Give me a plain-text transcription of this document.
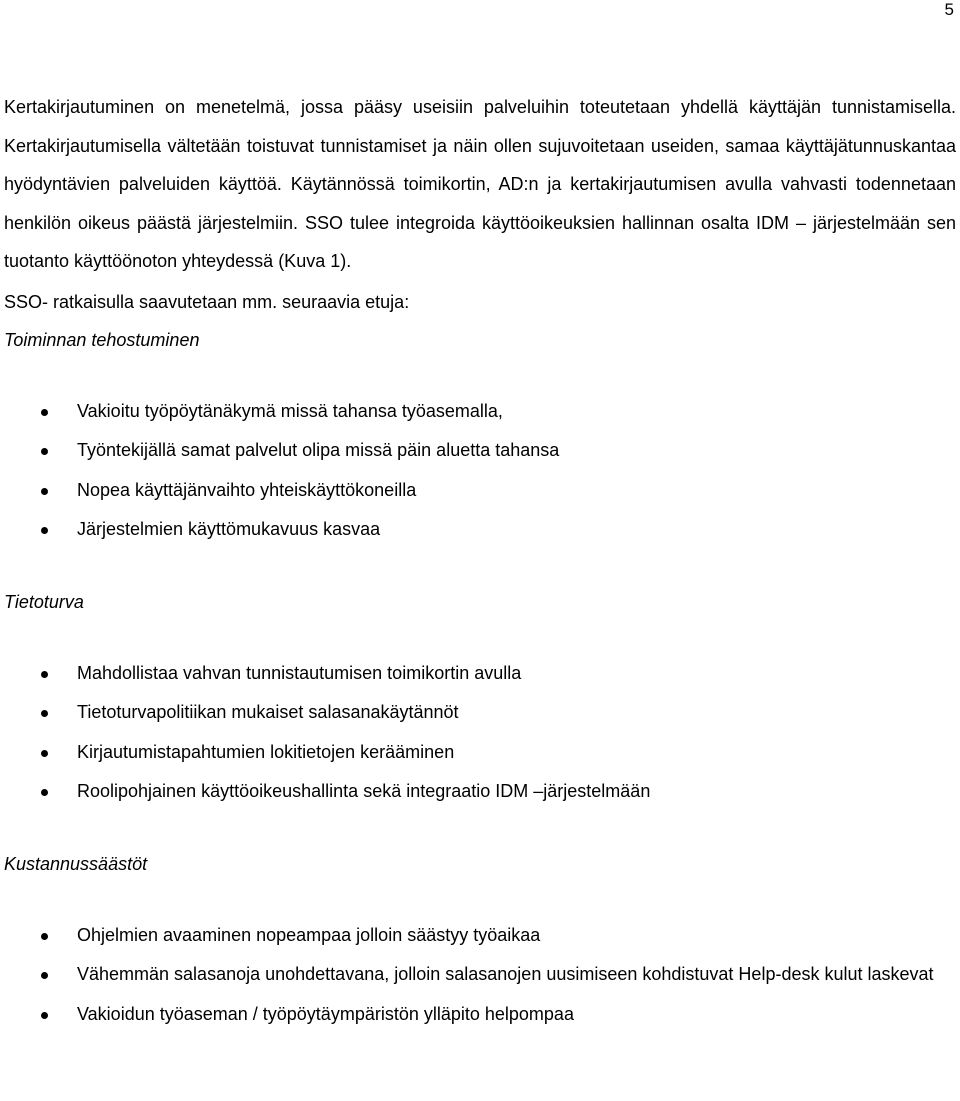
5

Kertakirjautuminen on menetelmä, jossa pääsy useisiin palveluihin toteutetaan yhdellä käyttäjän tunnistamisella. Kertakirjautumisella vältetään toistuvat tunnistamiset ja näin ollen sujuvoitetaan useiden, samaa käyttäjätunnuskantaa hyödyntävien palveluiden käyttöä. Käytännössä toimikortin, AD:n ja kertakirjautumisen avulla vahvasti todennetaan henkilön oikeus päästä järjestelmiin. SSO tulee integroida käyttöoikeuksien hallinnan osalta IDM – järjestelmään sen tuotanto käyttöönoton yhteydessä (Kuva 1).

SSO- ratkaisulla saavutetaan mm. seuraavia etuja:

Toiminnan tehostuminen

Vakioitu työpöytänäkymä missä tahansa työasemalla,
Työntekijällä samat palvelut olipa missä päin aluetta tahansa
Nopea käyttäjänvaihto yhteiskäyttökoneilla
Järjestelmien käyttömukavuus kasvaa

Tietoturva

Mahdollistaa vahvan tunnistautumisen toimikortin avulla
Tietoturvapolitiikan mukaiset salasanakäytännöt
Kirjautumistapahtumien lokitietojen kerääminen
Roolipohjainen käyttöoikeushallinta sekä integraatio IDM –järjestelmään

Kustannussäästöt

Ohjelmien avaaminen nopeampaa jolloin säästyy työaikaa
Vähemmän salasanoja unohdettavana, jolloin salasanojen uusimiseen kohdistuvat Help-desk kulut laskevat
Vakioidun työaseman / työpöytäympäristön ylläpito helpompaa
